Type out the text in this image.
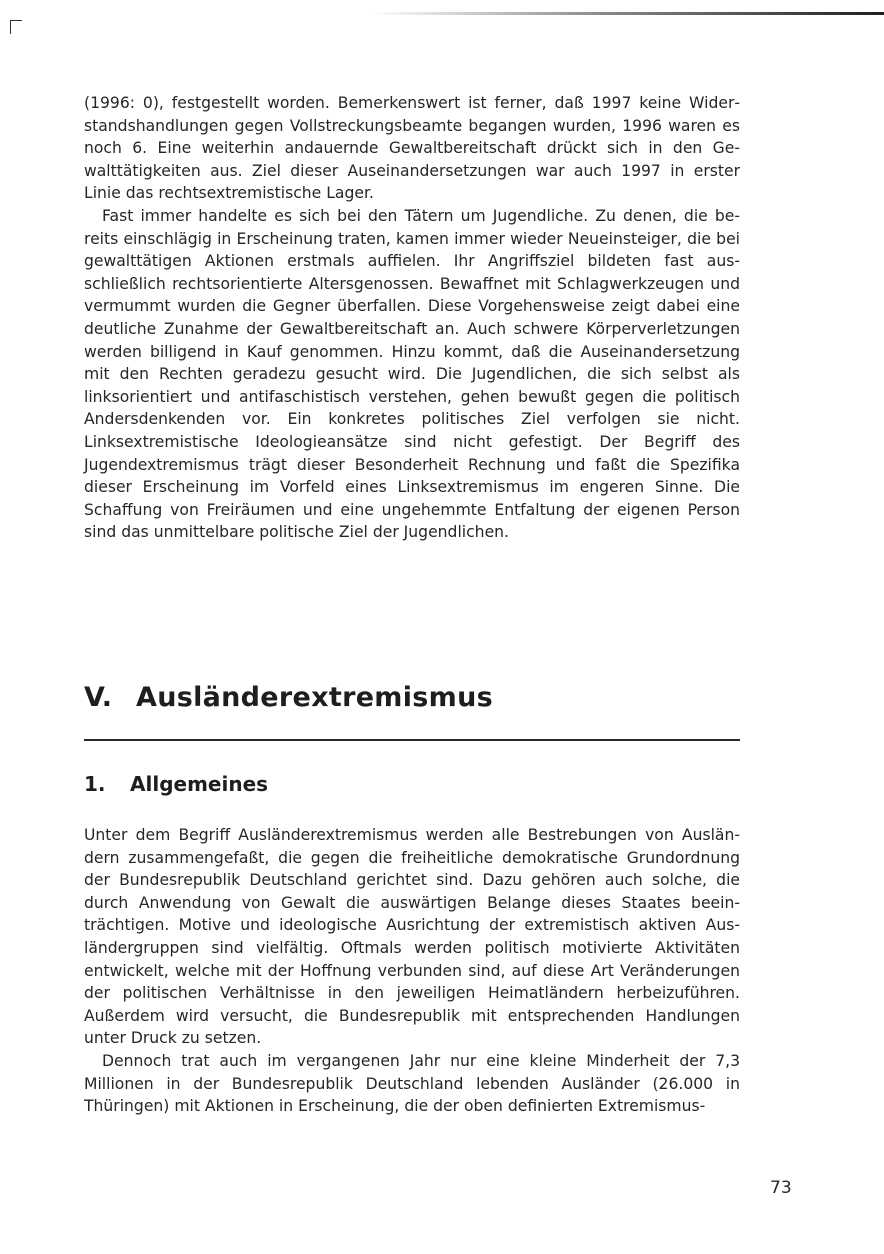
(1996: 0), festgestellt worden. Bemerkenswert ist ferner, daß 1997 keine Widerstandshandlungen gegen Vollstreckungsbeamte begangen wurden, 1996 waren es noch 6. Eine weiterhin andauernde Gewaltbereitschaft drückt sich in den Gewalttätigkeiten aus. Ziel dieser Auseinandersetzungen war auch 1997 in erster Linie das rechtsextremistische Lager.

Fast immer handelte es sich bei den Tätern um Jugendliche. Zu denen, die bereits einschlägig in Erscheinung traten, kamen immer wieder Neueinsteiger, die bei gewalttätigen Aktionen erstmals auffielen. Ihr Angriffsziel bildeten fast ausschließlich rechtsorientierte Altersgenossen. Bewaffnet mit Schlagwerkzeugen und vermummt wurden die Gegner überfallen. Diese Vorgehensweise zeigt dabei eine deutliche Zunahme der Gewaltbereitschaft an. Auch schwere Körperverletzungen werden billigend in Kauf genommen. Hinzu kommt, daß die Auseinandersetzung mit den Rechten geradezu gesucht wird. Die Jugendlichen, die sich selbst als linksorientiert und antifaschistisch verstehen, gehen bewußt gegen die politisch Andersdenkenden vor. Ein konkretes politisches Ziel verfolgen sie nicht. Linksextremistische Ideologieansätze sind nicht gefestigt. Der Begriff des Jugendextremismus trägt dieser Besonderheit Rechnung und faßt die Spezifika dieser Erscheinung im Vorfeld eines Linksextremismus im engeren Sinne. Die Schaffung von Freiräumen und eine ungehemmte Entfaltung der eigenen Person sind das unmittelbare politische Ziel der Jugendlichen.

V. Ausländerextremismus
1. Allgemeines

Unter dem Begriff Ausländerextremismus werden alle Bestrebungen von Ausländern zusammengefaßt, die gegen die freiheitliche demokratische Grundordnung der Bundesrepublik Deutschland gerichtet sind. Dazu gehören auch solche, die durch Anwendung von Gewalt die auswärtigen Belange dieses Staates beeinträchtigen. Motive und ideologische Ausrichtung der extremistisch aktiven Ausländergruppen sind vielfältig. Oftmals werden politisch motivierte Aktivitäten entwickelt, welche mit der Hoffnung verbunden sind, auf diese Art Veränderungen der politischen Verhältnisse in den jeweiligen Heimatländern herbeizuführen. Außerdem wird versucht, die Bundesrepublik mit entsprechenden Handlungen unter Druck zu setzen.

Dennoch trat auch im vergangenen Jahr nur eine kleine Minderheit der 7,3 Millionen in der Bundesrepublik Deutschland lebenden Ausländer (26.000 in Thüringen) mit Aktionen in Erscheinung, die der oben definierten Extremismus-

73
